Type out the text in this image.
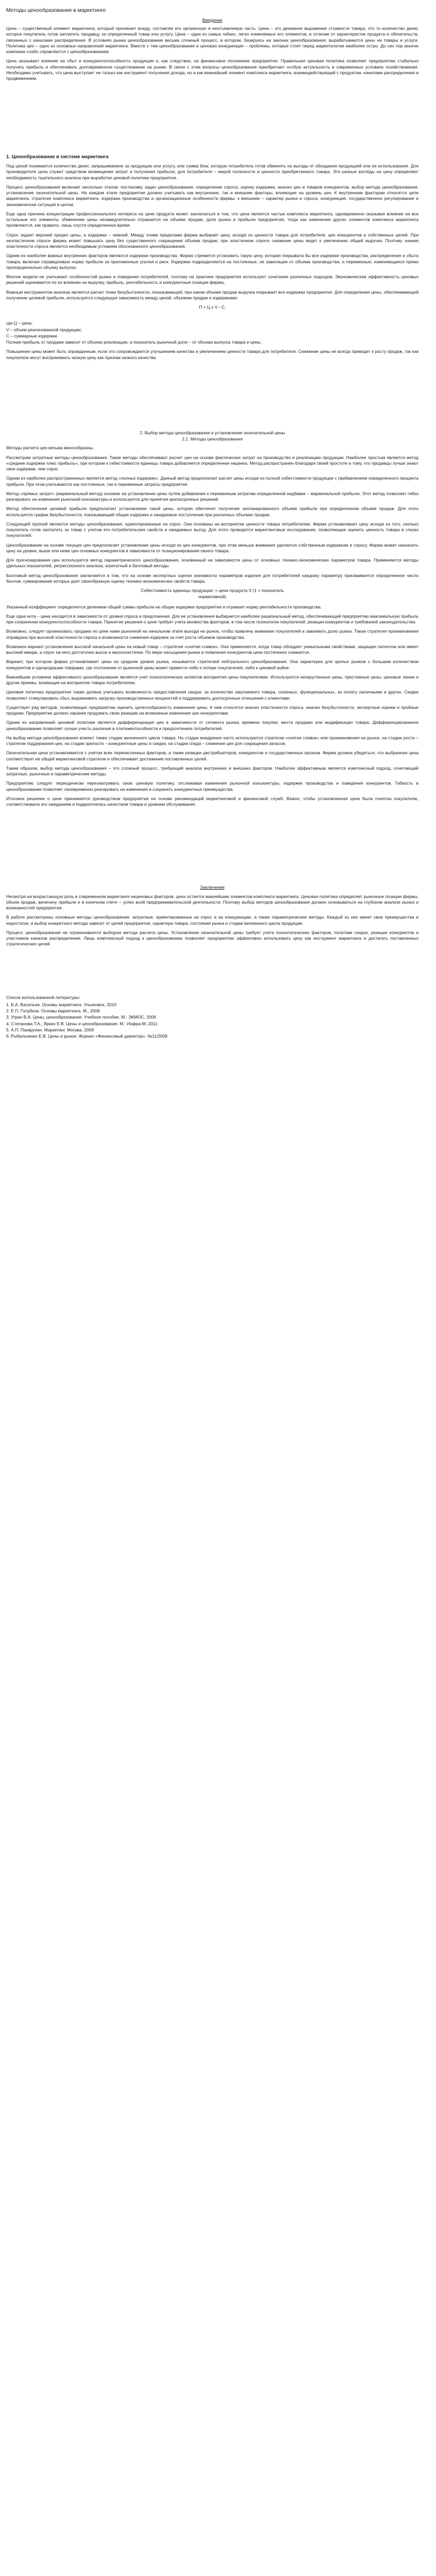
Методы ценообразования в маркетинге
Введение

Цена – существенный элемент маркетинга, который проникает всюду, составляя его органичную и неотъемлемую часть. Цена – это денежное выражение стоимости товара, это то количество денег, которое покупатель готов заплатить продавцу за определенный товар или услугу. Цена – один из самых гибких, легко изменяемых его элементов, в отличие от характеристик продукта и обязательств, связанных с каналами распределения. В условиях рынка ценообразование весьма сложный процесс, в котором, базируясь на законах ценообразования, вырабатываются цены на товары и услуги. Политика цен – одно из основных направлений маркетинга. Вместе с тем ценообразование и ценовая конкуренция – проблемы, которые стоят перед маркетологом наиболее остро. До сих пор многие компании слабо справляются с ценообразованием.

Цена оказывает влияние на сбыт и конкурентоспособность продукции и, как следствие, на финансовое положение предприятия. Правильная ценовая политика позволяет предприятию стабильно получать прибыль и обеспечивать долговременное существование на рынке. В связи с этим вопросы ценообразования приобретают особую актуальность в современных условиях хозяйствования. Необходимо учитывать, что цена выступает не только как инструмент получения дохода, но и как важнейший элемент комплекса маркетинга, взаимодействующий с продуктом, каналами распределения и продвижением.

1. Ценообразование в системе маркетинга

Под ценой понимается количество денег, запрашиваемое за продукцию или услугу, или сумма благ, которую потребитель готов обменять на выгоды от обладания продукцией или ее использования. Для производителя цена служит средством возмещения затрат и получения прибыли, для потребителя – мерой полезности и ценности приобретаемого товара. Эти разные взгляды на цену определяют необходимость тщательного анализа при выработке ценовой политики предприятия.

Процесс ценообразования включает несколько этапов: постановку задач ценообразования, определение спроса, оценку издержек, анализ цен и товаров конкурентов, выбор метода ценообразования, установление окончательной цены. На каждом этапе предприятие должно учитывать как внутренние, так и внешние факторы, влияющие на уровень цен. К внутренним факторам относятся цели маркетинга, стратегия комплекса маркетинга, издержки производства и организационные особенности фирмы; к внешним – характер рынка и спроса, конкуренция, государственное регулирование и экономическая ситуация в целом.

Еще одна причина концентрации профессионального интереса на цене продукта может заключаться в том, что цена является частью комплекса маркетинга, одновременно оказывая влияние на все остальные его элементы. Изменение цены незамедлительно отражается на объеме продаж, доле рынка и прибыли предприятия, тогда как изменения других элементов комплекса маркетинга проявляются, как правило, лишь спустя определенное время.

Спрос задает верхний предел цены, а издержки – нижний. Между этими пределами фирма выбирает цену, исходя из ценности товара для потребителя, цен конкурентов и собственных целей. При неэластичном спросе фирма может повышать цену без существенного сокращения объема продаж; при эластичном спросе снижение цены ведет к увеличению общей выручки. Поэтому знание эластичности спроса является необходимым условием обоснованного ценообразования.

Одним из наиболее важных внутренних факторов являются издержки производства. Фирма стремится установить такую цену, которая покрывала бы все издержки производства, распределения и сбыта товара, включая справедливую норму прибыли за приложенные усилия и риск. Издержки подразделяются на постоянные, не зависящие от объема производства, и переменные, изменяющиеся прямо пропорционально объему выпуска.

Многие модели не учитывают особенностей рынка и поведения потребителей, поэтому на практике предприятия используют сочетание различных подходов. Экономическая эффективность ценовых решений оценивается по их влиянию на выручку, прибыль, рентабельность и конкурентные позиции фирмы.

Важным инструментом анализа является расчет точки безубыточности, показывающей, при каком объеме продаж выручка покрывает все издержки предприятия. Для определения цены, обеспечивающей получение целевой прибыли, используется следующая зависимость между ценой, объемом продаж и издержками:

П = Ц х V - С,
где Ц – цена;
V – объем реализованной продукции;
С – суммарные издержки.

Полная прибыль от продажи зависит от объема реализации, а показатель рыночной доли – от объема выпуска товара и цены.

Повышение цены может быть оправданным, если это сопровождается улучшением качества и увеличением ценности товара для потребителя. Снижение цены не всегда приводит к росту продаж, так как покупатели могут воспринимать низкую цену как признак низкого качества.

2. Выбор метода ценообразования и установление окончательной цены
2.1. Методы ценообразования

Методы расчета цен весьма многообразны.

Рассмотрим затратные методы ценообразования. Такие методы обеспечивают расчет цен на основе фактических затрат на производство и реализацию продукции. Наиболее простым является метод «средние издержки плюс прибыль», при котором к себестоимости единицы товара добавляется определенная наценка. Метод распространен благодаря своей простоте и тому, что продавцы лучше знают свои издержки, чем спрос.

Одним из наиболее распространенных является метод «полных издержек». Данный метод предполагает расчет цены исходя из полной себестоимости продукции с прибавлением определенного процента прибыли. При этом учитываются как постоянные, так и переменные затраты предприятия.

Метод «прямых затрат» (маржинальный метод) основан на установлении цены путем добавления к переменным затратам определенной надбавки – маржинальной прибыли. Этот метод позволяет гибко реагировать на изменения рыночной конъюнктуры и используется для принятия краткосрочных решений.

Метод обеспечения целевой прибыли предполагает установление такой цены, которая обеспечит получение запланированного объема прибыли при определенном объеме продаж. Для этого используется график безубыточности, показывающий общие издержки и ожидаемые поступления при различных объемах продаж.

Следующей группой являются методы ценообразования, ориентированные на спрос. Они основаны на восприятии ценности товара потребителем. Фирма устанавливает цену исходя из того, сколько покупатель готов заплатить за товар с учетом его потребительских свойств и ожидаемых выгод. Для этого проводятся маркетинговые исследования, позволяющие оценить ценность товара в глазах покупателей.

Ценообразование на основе текущих цен предполагает установление цены исходя из цен конкурентов, при этом меньше внимания уделяется собственным издержкам и спросу. Фирма может назначить цену на уровне, выше или ниже цен основных конкурентов в зависимости от позиционирования своего товара.

Для прогнозирования цен используется метод параметрического ценообразования, основанный на зависимости цены от основных технико-экономических параметров товара. Применяются методы удельных показателей, регрессионного анализа, агрегатный и балловый методы.

Балловый метод ценообразования заключается в том, что на основе экспертных оценок значимости параметров изделия для потребителей каждому параметру присваивается определенное число баллов, суммирование которых дает своеобразную оценку технико-экономических свойств товара.

Себестоимость единицы продукции: = цена продукта X (1 + показатель
нормативной)

Указанный коэффициент определяется делением общей суммы прибыли на общие издержки предприятия и отражает норму рентабельности производства.

Еще одна нота – цена находится в зависимости от уровня спроса и предложения. Для ее установления выбирается наиболее рациональный метод, обеспечивающий предприятию максимальную прибыль при сохранении конкурентоспособности товара. Принятие решения о цене требует учета множества факторов, в том числе психологии покупателей, реакции конкурентов и требований законодательства.

Возможно, следует организовать продажи по цене ниже рыночной на начальном этапе выхода на рынок, чтобы привлечь внимание покупателей и завоевать долю рынка. Такая стратегия проникновения оправдана при высокой эластичности спроса и возможности снижения издержек за счет роста объемов производства.

Возможен вариант установления высокой начальной цены на новый товар – стратегия «снятия сливок». Она применяется, когда товар обладает уникальными свойствами, защищен патентом или имеет высокий имидж, а спрос на него достаточно высок и малоэластичен. По мере насыщения рынка и появления конкурентов цена постепенно снижается.

Вариант, при котором фирма устанавливает цены на среднем уровне рынка, называется стратегией нейтрального ценообразования. Она характерна для зрелых рынков с большим количеством конкурентов и однородными товарами, где отклонение от рыночной цены может привести либо к потере покупателей, либо к ценовой войне.

Важнейшим условием эффективного ценообразования является учет психологических аспектов восприятия цены покупателями. Используются неокругленные цены, престижные цены, ценовые линии и другие приемы, влияющие на восприятие товара потребителем.

Ценовая политика предприятия также должна учитывать возможность предоставления скидок: за количество закупаемого товара, сезонных, функциональных, за оплату наличными и других. Скидки позволяют стимулировать сбыт, выравнивать загрузку производственных мощностей и поддерживать долгосрочные отношения с клиентами.

Существует ряд методов, позволяющих предприятию оценить целесообразность изменения цены. К ним относятся анализ эластичности спроса, анализ безубыточности, экспертные оценки и пробные продажи. Предприятие должно заранее продумать свою реакцию на возможные изменения цен конкурентами.

Одним из направлений ценовой политики является дифференциация цен в зависимости от сегмента рынка, времени покупки, места продажи или модификации товара. Дифференцированное ценообразование позволяет лучше учесть различия в платежеспособности и предпочтениях потребителей.

На выбор метода ценообразования влияют также стадии жизненного цикла товара. На стадии внедрения часто используются стратегии «снятия сливок» или проникновения на рынок, на стадии роста – стратегии поддержания цен, на стадии зрелости – конкурентные цены и скидки, на стадии спада – снижение цен для сокращения запасов.

Окончательная цена устанавливается с учетом всех перечисленных факторов, а также реакции дистрибьюторов, конкурентов и государственных органов. Фирма должна убедиться, что выбранная цена соответствует ее общей маркетинговой стратегии и обеспечивает достижение поставленных целей.

Таким образом, выбор метода ценообразования – это сложный процесс, требующий анализа внутренних и внешних факторов. Наиболее эффективным является комплексный подход, сочетающий затратные, рыночные и параметрические методы.

Предприятию следует периодически пересматривать свою ценовую политику, отслеживая изменения рыночной конъюнктуры, издержек производства и поведения конкурентов. Гибкость в ценообразовании позволяет своевременно реагировать на изменения и сохранять конкурентные преимущества.

Итоговое решение о цене принимается руководством предприятия на основе рекомендаций маркетинговой и финансовой служб. Важно, чтобы установленная цена была понятна покупателю, соответствовала его ожиданиям и подкреплялась качеством товара и уровнем обслуживания.

Заключение

Несмотря на возрастающую роль в современном маркетинге неценовых факторов, цена остается важнейшим элементом комплекса маркетинга. Ценовая политика определяет рыночные позиции фирмы, объем продаж, величину прибыли и в конечном счете – успех всей предпринимательской деятельности. Поэтому выбор методов ценообразования должен основываться на глубоком анализе рынка и возможностей предприятия.

В работе рассмотрены основные методы ценообразования: затратные, ориентированные на спрос и на конкуренцию, а также параметрические методы. Каждый из них имеет свои преимущества и недостатки, и выбор конкретного метода зависит от целей предприятия, характера товара, состояния рынка и стадии жизненного цикла продукции.

Процесс ценообразования не ограничивается выбором метода расчета цены. Установление окончательной цены требует учета психологических факторов, политики скидок, реакции конкурентов и участников каналов распределения. Лишь комплексный подход к ценообразованию позволяет предприятию эффективно использовать цену как инструмент маркетинга и достигать поставленных стратегических целей.

Список использованной литературы:
1. Б.А. Васильев. Основы маркетинга. Ульяновск, 2010
2. Е.П. Голубков. Основы маркетинга. М., 2008
3. Угрин В.А. Цены, ценообразование. Учебное пособие. М.: ЭКМОС, 2006
4. Степанова Т.А., Ярких Е.В. Цены и ценообразование. М.: Инфра-М, 2011
5. А.П. Панкрухин. Маркетинг. Москва, 2009
6. Рыбальченко Е.В. Цены и рынок. Журнал «Финансовый директор». №11/2008
